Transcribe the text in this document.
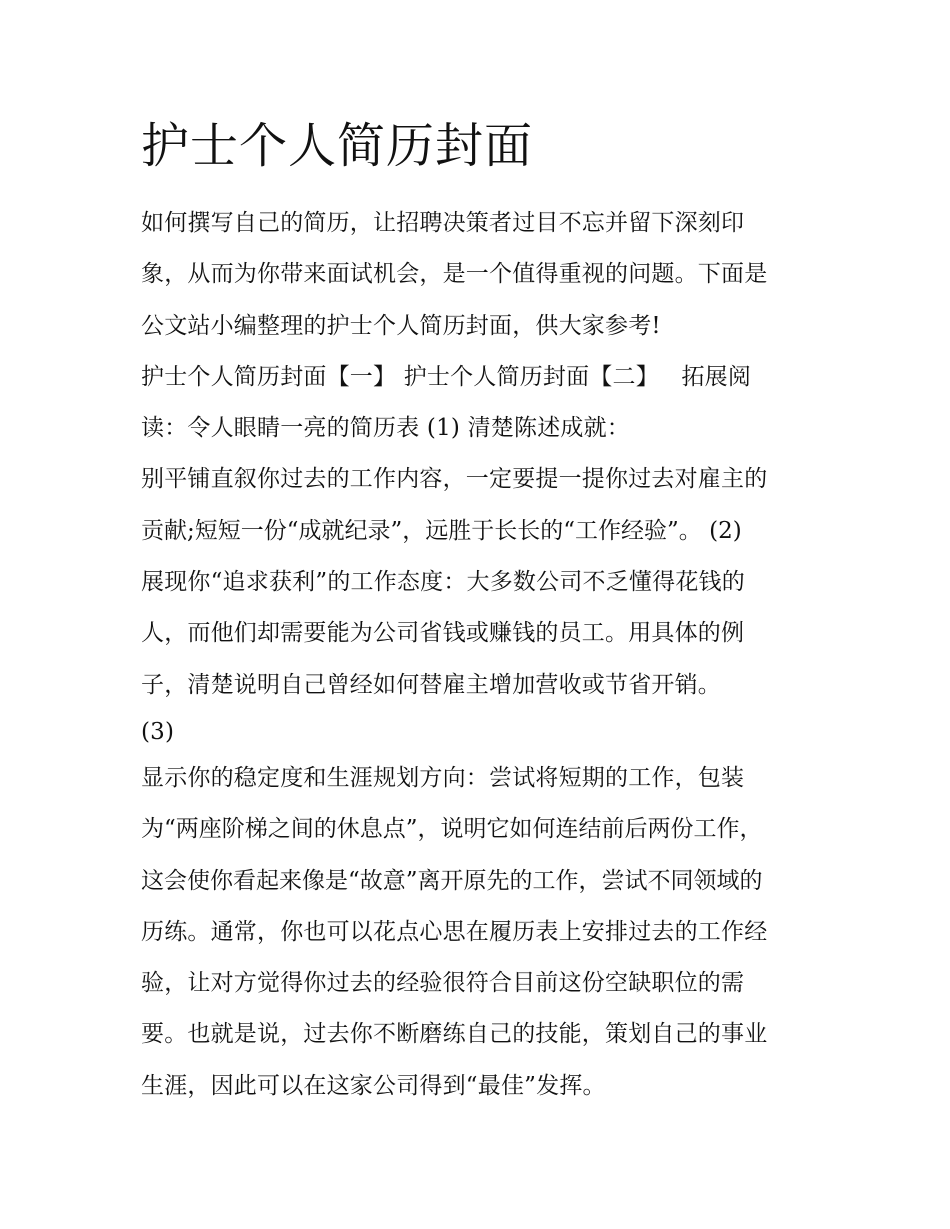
护士个人简历封面
如何撰写自己的简历，让招聘决策者过目不忘并留下深刻印
象，从而为你带来面试机会，是一个值得重视的问题。下面是
公文站小编整理的护士个人简历封面，供大家参考!
护士个人简历封面【一】 护士个人简历封面【二】   拓展阅
读：令人眼睛一亮的简历表 (1) 清楚陈述成就：
别平铺直叙你过去的工作内容，一定要提一提你过去对雇主的
贡献;短短一份“成就纪录”，远胜于长长的“工作经验”。 (2)
展现你“追求获利”的工作态度：大多数公司不乏懂得花钱的
人，而他们却需要能为公司省钱或赚钱的员工。用具体的例
子，清楚说明自己曾经如何替雇主增加营收或节省开销。
(3)
显示你的稳定度和生涯规划方向：尝试将短期的工作，包装
为“两座阶梯之间的休息点”，说明它如何连结前后两份工作，
这会使你看起来像是“故意”离开原先的工作，尝试不同领域的
历练。通常，你也可以花点心思在履历表上安排过去的工作经
验，让对方觉得你过去的经验很符合目前这份空缺职位的需
要。也就是说，过去你不断磨练自己的技能，策划自己的事业
生涯，因此可以在这家公司得到“最佳”发挥。
